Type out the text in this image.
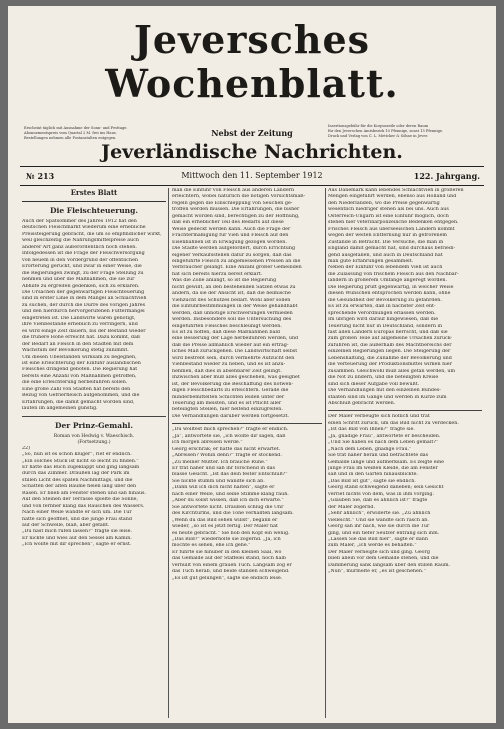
Jeversches Wochenblatt.
Erscheint täglich mit Ausnahme der Sonn- und Festtage.
Abonnementspreis vom Quartal 2 M. frei ins Haus.
Bestellungen nehmen alle Postanstalten entgegen.	Nebst der Zeitung
Insertionsgebühr für die Korpuszeile oder deren Raum
für den Jeverschen Amtsbezirk 10 Pfennige, sonst 15 Pfennige.
Druck und Verlag von C. L. Mettcker & Söhne in Jever.
Jeverländische Nachrichten.
№ 213	Mittwoch den 11. September 1912	122. Jahrgang.
Erstes Blatt
Die Fleischteuerung.
Auch der Spätsommer des Jahres 1912 hat den
deutschen Fleischmarkt wiederum eine erhebliche
Preissteigerung gebracht, die um so empfindlicher wirkt,
weil gleichzeitig die Nahrungsmittelpreise auch
anderer Art ganz außerordentlich hoch stehen.
Infolgedessen ist die Frage der Fleischversorgung
von neuem in den Vordergrund der öffentlichen
Erörterung gerückt, und zwar in einer Weise, die
die Regierungen zwingt, zu der Frage Stellung zu
nehmen und über die Maßnahmen, die sie zur
Abhilfe zu ergreifen gedenken, sich zu erklären.
Die Ursachen der gegenwärtigen Fleischteuerung
sind in erster Linie in dem Mangel an Schlachtvieh
zu suchen, der durch die Dürre des vorigen Jahres
und den hierdurch hervorgerufenen Futtermangel
eingetreten ist. Die Landwirte waren genötigt,
ihre Viehbestände erheblich zu verringern, und
es wird einige Zeit dauern, bis der Bestand wieder
die frühere Höhe erreicht hat. Dazu kommt, daß
der Bedarf an Fleisch in den Städten mit dem
Wachstum der Bevölkerung stetig zunimmt.
Um diesen Übelständen wirksam zu begegnen,
ist eine Erleichterung der Einfuhr ausländischen
Fleisches dringend geboten. Die Regierung hat
bereits eine Anzahl von Maßnahmen getroffen,
die eine Erleichterung herbeiführen sollen.
Eine große Zahl von Städten hat bereits den
Bezug von Gefrierfleisch aufgenommen, und die
Erfahrungen, die damit gemacht worden sind,
lauten im allgemeinen günstig.
Der Prinz-Gemahl.
Roman von Hedwig v. Waeschisch.
(Fortsetzung.)
22)
„So, nun ist es schon klüger“, rief er endlich.
„Ein solches Stück ist nicht so leicht zu finden.“
Er hatte das Buch zugeklappt und ging langsam
durch das Zimmer. Draußen lag der Park im
stillen Licht des späten Nachmittags, und die
Schatten der alten Bäume fielen lang über den
Rasen. Er blieb am Fenster stehen und sah hinaus.
Auf den Steinen der Terrasse spielte die Sonne,
und von fernher klang das Rauschen des Wassers.
Nach einer Weile wandte er sich um. Die Tür
hatte sich geöffnet, und die junge Frau stand
auf der Schwelle, blaß, aber gefaßt.
„Du hast mich rufen lassen?“ fragte sie leise.
Er nickte und wies auf den Sessel am Kamin.
„Ich wollte mit dir sprechen“, sagte er ernst.
man die Einfuhr von Fleisch aus anderen Ländern
erleichtern, wobei natürlich die nötigen Vorsichtsmaß-
regeln gegen die Einschleppung von Seuchen ge-
troffen werden müssen. Die Erfahrungen, die bisher
gemacht worden sind, berechtigen zu der Hoffnung,
daß ein erheblicher Teil des Bedarfs auf diese
Weise gedeckt werden kann. Auch die Frage der
Frachtermäßigung für Vieh und Fleisch auf den
Eisenbahnen ist in Erwägung gezogen worden.
Die Städte werden aufgefordert, durch Errichtung
eigener Verkaufsstellen dafür zu sorgen, daß das
eingeführte Fleisch zu angemessenen Preisen an die
Verbraucher gelangt. Eine Anzahl großer Gemeinden
hat sich bereits hierzu bereit erklärt.
Was die Zölle anlangt, so ist die Regierung
nicht gewillt, an den bestehenden Sätzen etwas zu
ändern, da sie der Ansicht ist, daß die heimische
Viehzucht des Schutzes bedarf. Wohl aber sollen
die Einfuhrbestimmungen in der Weise gehandhabt
werden, daß unnötige Erschwerungen vermieden
werden. Insbesondere soll die Untersuchung des
eingeführten Fleisches beschleunigt werden.
Es ist zu hoffen, daß diese Maßnahmen bald
eine Besserung der Lage herbeiführen werden, und
daß die Preise allmählich wieder auf ein erträg-
liches Maß zurückgehen. Die Landwirtschaft selbst
wird bestrebt sein, durch vermehrte Aufzucht den
Viehbestand wieder zu heben, und es ist anzu-
nehmen, daß dies in absehbarer Zeit gelingt.
Inzwischen aber muß alles geschehen, was geeignet
ist, der Bevölkerung die Beschaffung des notwen-
digen Fleischbedarfs zu erleichtern. Gerade die
minderbemittelten Schichten leiden unter der
Teuerung am meisten, und es ist Pflicht aller
beteiligten Stellen, hier helfend einzugreifen.
Die Verhandlungen darüber werden fortgesetzt.
„Du wolltest mich sprechen?“ fragte er endlich.
„Ja“, antwortete sie, „ich wollte dir sagen, daß
ich morgen abreisen werde.“
Georg erschrak; er hatte das nicht erwartet.
„Abreisen? Wohin denn?“ fragte er stockend.
„Zu meiner Mutter. Ich brauche Ruhe.“
Er trat näher und sah ihr forschend in das
blasse Gesicht. „Ist das dein fester Entschluß?“
Sie nickte stumm und wandte sich ab.
„Dann will ich dich nicht halten“, sagte er
nach einer Weile, und seine Stimme klang rauh.
„Aber du sollst wissen, daß ich dich erwarte.“
Sie antwortete nicht. Draußen schlug die Uhr
des Kirchturms, und die Töne verhallten langsam.
„Wenn du das Bild sehen willst“, begann er
wieder, „so ist es jetzt fertig. Der Maler hat
es heute gebracht.“ Sie hob den Kopf ein wenig.
„Das Bild?“ wiederholte sie zögernd. „Ja, ich
möchte es sehen, ehe ich gehe.“
Er führte sie hinüber in den kleinen Saal, wo
das Gemälde auf der Staffelei stand, noch halb
verhüllt von einem grauen Tuch. Langsam zog er
das Tuch herab, und beide standen schweigend.
„Es ist gut gelungen“, sagte sie endlich leise.
Aus Dänemark kann lebendes Schlachtvieh in größeren
Mengen eingeführt werden, ebenso aus Holland und
den Niederlanden, wo die Preise gegenwärtig
wesentlich niedriger stehen als bei uns. Auch aus
Österreich-Ungarn ist eine Einfuhr möglich, doch
stehen hier veterinärpolizeiliche Bedenken entgegen.
Frisches Fleisch aus überseeischen Ländern kommt
wegen der weiten Entfernung nur in gefrorenem
Zustande in Betracht. Die Versuche, die man in
England damit gemacht hat, sind durchaus befriedi-
gend ausgefallen, und auch in Deutschland hat
man gute Erfahrungen gesammelt.
Neben der Einfuhr von lebendem Vieh ist auch
die Zulassung von frischem Fleisch aus den Nachbar-
ländern in größerem Umfange angeregt worden.
Die Regierung prüft gegenwärtig, in welcher Weise
diesen Wünschen entsprochen werden kann, ohne
die Gesundheit der Bevölkerung zu gefährden.
Es ist zu erwarten, daß in nächster Zeit ent-
sprechende Verordnungen erlassen werden.
Im übrigen wird darauf hingewiesen, daß die
Teuerung nicht nur in Deutschland, sondern in
fast allen Ländern Europas herrscht, und daß sie
zum großen Teile auf allgemeine Ursachen zurück-
zuführen ist, die außerhalb des Machtbereichs der
einzelnen Regierungen liegen. Die Steigerung der
Lebenshaltung, die Zunahme der Bevölkerung und
die Verteuerung der Produktionsmittel wirken hier
zusammen. Gleichwohl muß alles getan werden, um
die Not zu lindern, und die beteiligten Kreise
sind sich dieser Aufgabe voll bewußt.
Die Verhandlungen mit den einzelnen Bundes-
staaten sind im Gange und werden in Kürze zum
Abschluß gebracht werden.
Der Maler verbeugte sich höflich und trat
einen Schritt zurück, um das Bild nicht zu verdecken.
„Ist das Bild von Ihnen?“ fragte sie.
„Ja, gnädige Frau“, antwortete er bescheiden.
„Und Sie haben es nach dem Leben gemalt?“
„Nach dem Leben, gnädige Frau.“
Sie trat näher heran und betrachtete das
Gemälde lange und aufmerksam. Es zeigte eine
junge Frau im weißen Kleide, die am Fenster
saß und in den Garten hinausblickte.
„Das Bild ist gut“, sagte sie endlich.
Georg stand schweigend daneben; sein Gesicht
verriet nichts von dem, was in ihm vorging.
„Glauben Sie, daß es ähnlich ist?“ fragte
der Maler zögernd.
„Sehr ähnlich“, erwiderte sie. „Zu ähnlich
vielleicht.“ Und sie wandte sich rasch ab.
Georg sah ihr nach, wie sie durch die Tür
ging, und ein tiefer Seufzer entrang sich ihm.
„Lassen Sie das Bild hier“, sagte er dann
zum Maler, „ich werde es behalten.“
Der Maler verneigte sich und ging. Georg
blieb allein vor dem Gemälde stehen, und die
Dämmerung sank langsam über den stillen Raum.
„Nun“, murmelte er, „es ist geschehen.“
